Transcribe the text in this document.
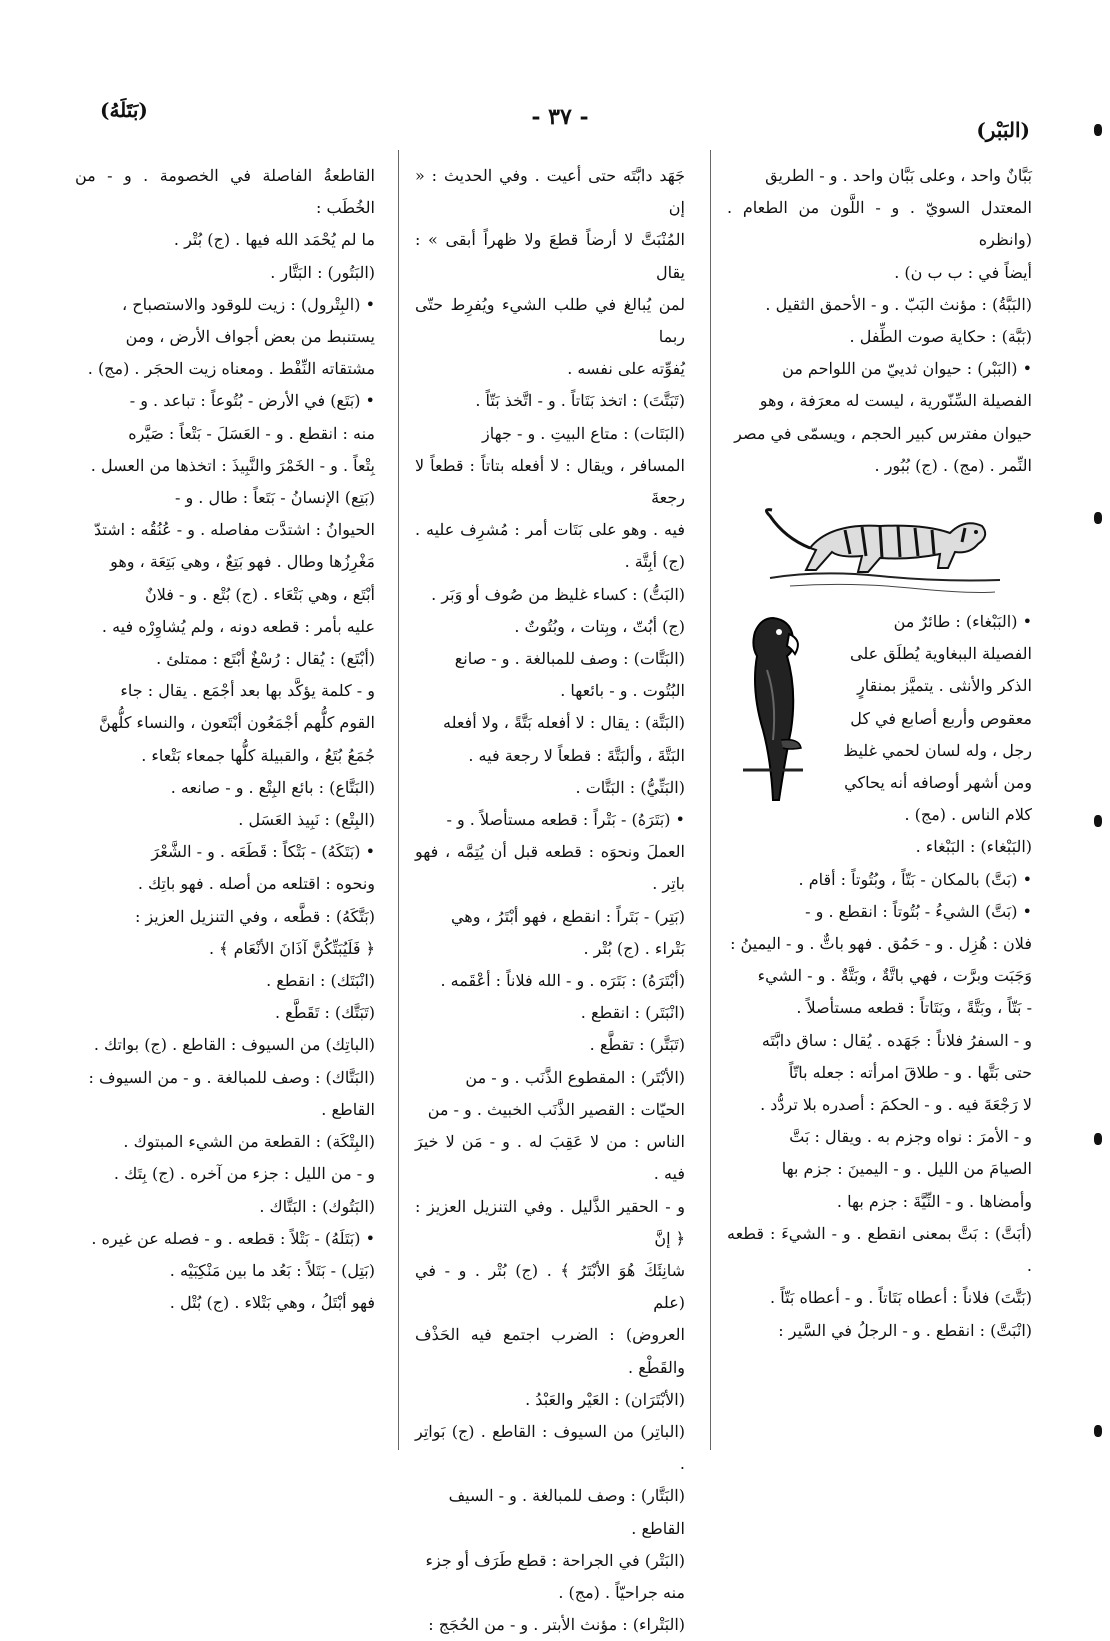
(البَبْر)
- ٣٧ -
(بَتَلَهُ)

بَبَّانٌ واحد ، وعلى بَبَّان واحد . و - الطريق

المعتدل السويّ . و - اللَّون من الطعام . (وانظره

أيضاً في : ب ب ن) .

(البَبَّةُ) : مؤنث البَبّ . و - الأحمق الثقيل .

(بَبَّة) : حكاية صوت الطِّفل .

• (البَبْر) : حيوان ثدييّ من اللواحم من

الفصيلة السِّنّورية ، ليست له معرَفة ، وهو

حيوان مفترس كبير الحجم ، ويسمّى في مصر

النِّمر . (مج) . (ج) بُبُور .

• (البَبْغاء) : طائرٌ من

الفصيلة الببغاوية يُطلَق على

الذكر والأنثى . يتميَّز بمنقارٍ

معقوص وأربع أصابع في كل

رجل ، وله لسان لحمي غليظ

ومن أشهر أوصافه أنه يحاكي

كلام الناس . (مج) .

(البَبْغاء) : البَبْغاء .

• (بَتَّ) بالمكان - بَتّاً ، وبُتُوتاً : أقام .

• (بَتَّ) الشيءُ - بُتُوتاً : انقطع . و -

فلان : هُزِل . و - حَمُق . فهو باتٌّ . و - اليمينُ :

وَجَبَت وبرَّت ، فهي باتَّةٌ ، وبَتَّةٌ . و - الشيء

- بَتّاً ، وبَتَّةً ، وبَتَاتاً : قطعه مستأصلاً .

و - السفرُ فلاناً : جَهَده . يُقال : ساق دابَّتَه

حتى بَتَّها . و - طلاقَ امرأته : جعله باتّاً

لا رَجْعَةَ فيه . و - الحكمَ : أصدره بلا تردُّد .

و - الأمرَ : نواه وجزم به . ويقال : بَتَّ

الصيامَ من الليل . و - اليمينَ : جزم بها

وأمضاها . و - النِّيَّةَ : جزم بها .

(أبَتَّ) : بَتَّ بمعنى انقطع . و - الشيءَ : قطعه .

(بَتَّتَ) فلاناً : أعطاه بَتَاتاً . و - أعطاه بَتّاً .

(انْبَتَّ) : انقطع . و - الرجلُ في السَّير :

جَهَد دابَّتَه حتى أعيت . وفي الحديث : « إن

المُنْبَتَّ لا أرضاً قطعَ ولا ظهراً أبقى » : يقال

لمن يُبالغ في طلب الشيء ويُفرِط حتّى ربما

يُفوِّته على نفسه .

(تَبَتَّتَ) : اتخذ بَتَاتاً . و - اتَّخذ بَتّاً .

(البَتَات) : متاع البيتِ . و - جهاز

المسافر ، ويقال : لا أفعله بتاتاً : قطعاً لا رجعةَ

فيه . وهو على بَتَات أمر : مُشرِف عليه . (ج) أبِتَّة .

(البَتُّ) : كساء غليظ من صُوف أو وَبَر .

(ج) أبُتّ ، وبِتات ، وبُتُوتٌ .

(البَتَّات) : وصف للمبالغة . و - صانع

البُتُوت . و - بائعها .

(البَتَّة) : يقال : لا أفعله بَتَّةً ، ولا أفعله

البَتَّةَ ، وألبَتَّةَ : قطعاً لا رجعة فيه .

(البَتِّيُّ) : البَتَّات .

• (بَتَرَهُ) - بَتْراً : قطعه مستأصلاً . و -

العملَ ونحوَه : قطعه قبل أن يُتِمَّه ، فهو باتِر .

(بَتِر) - بَتَراً : انقطع ، فهو أبْتَرُ ، وهي

بَتْراء . (ج) بُتْر .

(أبْتَرَهُ) : بَتَرَه . و - الله فلاناً : أعْقَمه .

(انْبَتَر) : انقطع .

(تَبَتَّر) : تقطَّع .

(الأبْتَر) : المقطوع الذَّنَب . و - من

الحيّات : القصير الذَّنَب الخبيث . و - من

الناس : من لا عَقِبَ له . و - مَن لا خيرَ فيه .

و - الحقير الذَّليل . وفي التنزيل العزيز : ﴿ إنَّ

شانِئَكَ هُوَ الأبْتَرُ ﴾ . (ج) بُتْر . و - في (علم

العروض) : الضرب اجتمع فيه الحَذْف والقَطْع .

(الأبْتَرَان) : العَيْر والعَبْدُ .

(الباتِر) من السيوف : القاطع . (ج) بَواتِر .

(البَتَّار) : وصف للمبالغة . و - السيف

القاطع .

(البَتْر) في الجراحة : قطع طَرَف أو جزء

منه جراحيّاً . (مج) .

(البَتْراء) : مؤنث الأبتر . و - من الحُجَج :

القاطعةُ الفاصلة في الخصومة . و - من الخُطَب :

ما لم يُحْمَد الله فيها . (ج) بُتْر .

(البَتُور) : البَتَّار .

• (البِتْرول) : زيت للوقود والاستصباح ،

يستنبط من بعض أجواف الأرض ، ومن

مشتقاته النِّفْط . ومعناه زيت الحجَر . (مج) .

• (بَتَع) في الأرض - بُتُوعاً : تباعد . و -

منه : انقطع . و - العَسَلَ - بَتْعاً : صَيَّره

بِتْعاً . و - الخَمْرَ والنَّبِيذَ : اتخذها من العسل .

(بَتِع) الإنسانُ - بَتَعاً : طال . و -

الحيوانُ : اشتدَّت مفاصله . و - عُنُقُه : اشتدّ

مَغْرِزُها وطال . فهو بَتِعٌ ، وهي بَتِعَة ، وهو

أبْتَع ، وهي بَتْعَاء . (ج) بُتْع . و - فلانٌ

عليه بأمر : قطعه دونه ، ولم يُشاوِرْه فيه .

(أبْتَع) : يُقال : رُسْغٌ أبْتَع : ممتلئ .

و - كلمة يؤكَّد بها بعد أجْمَع . يقال : جاء

القوم كلُّهم أجْمَعُون أبْتَعون ، والنساء كلُّهنَّ

جُمَعُ بُتَعُ ، والقبيلة كلُّها جمعاء بَتْعاء .

(البَتَّاع) : بائع البِتْع . و - صانعه .

(البِتْع) : نَبِيذ العَسَل .

• (بَتَكَهُ) - بَتْكاً : قَطَعَه . و - الشَّعْرَ

ونحوه : اقتلعه من أصله . فهو باتِك .

(بَتَّكَهُ) : قطَّعه ، وفي التنزيل العزيز :

﴿ فَلَيُبَتِّكُنَّ آذَانَ الأنْعَام ﴾ .

(انْبَتَك) : انقطع .

(تَبَتَّك) : تَقَطَّع .

(الباتِك) من السيوف : القاطع . (ج) بواتك .

(البَتَّاك) : وصف للمبالغة . و - من السيوف :

القاطع .

(البِتْكَة) : القطعة من الشيء المبتوك .

و - من الليل : جزء من آخره . (ج) بِتَك .

(البَتُوك) : البَتَّاك .

• (بَتَلَهُ) - بَتْلاً : قطعه . و - فصله عن غيره .

(بَتِل) - بَتَلاً : بَعُد ما بين مَنْكِبَيْه .

فهو أبْتَلُ ، وهي بَتْلاء . (ج) بُتْل .
